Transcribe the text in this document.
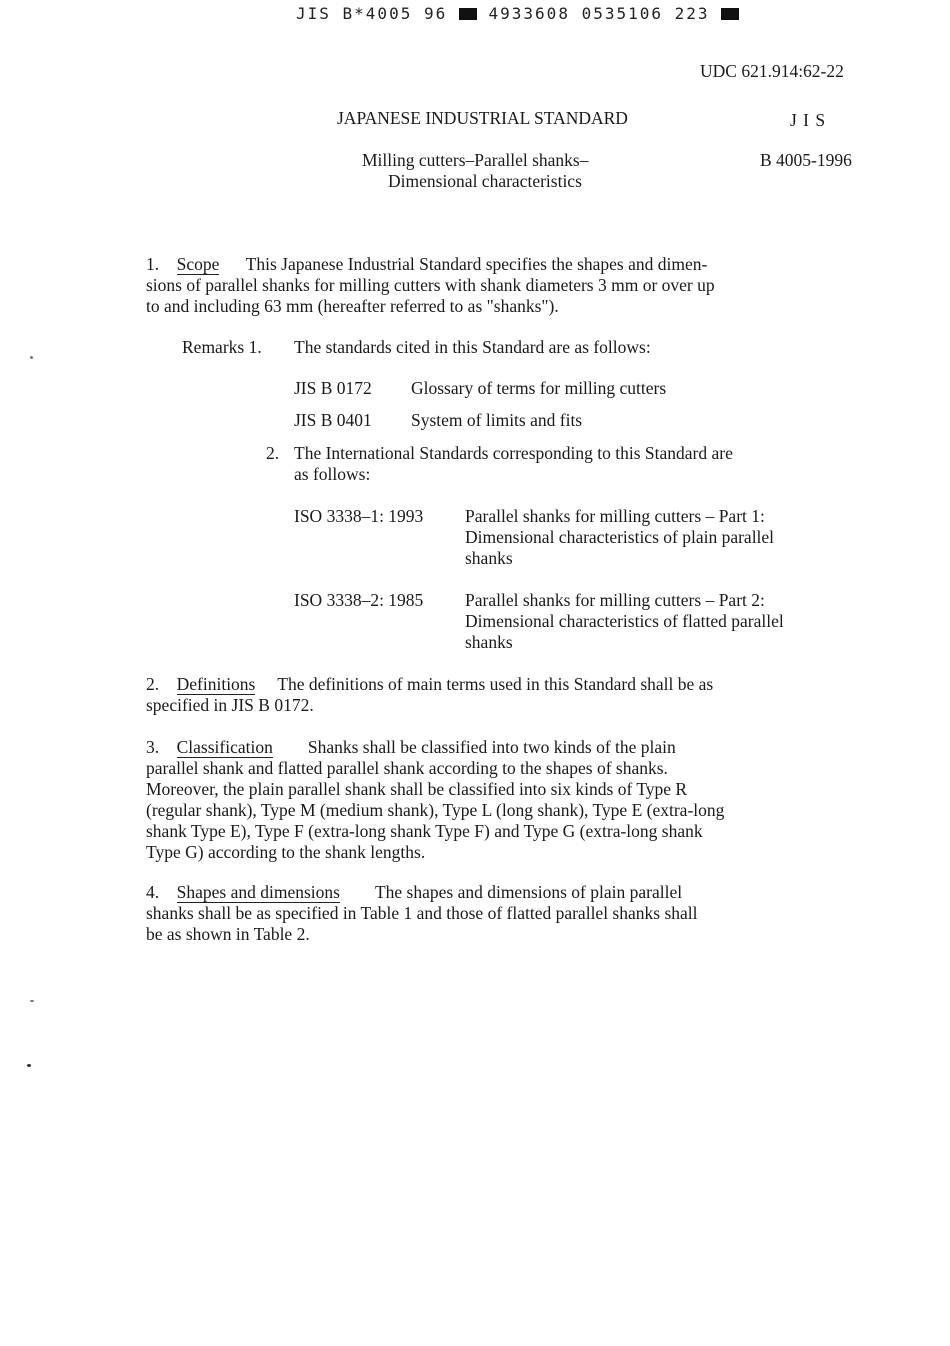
JIS B*4005 96	4933608 0535106 223
UDC 621.914:62-22
JAPANESE INDUSTRIAL STANDARD	J I S
Milling cutters–Parallel shanks–
Dimensional characteristics
B 4005-1996

1. Scope This Japanese Industrial Standard specifies the shapes and dimen-

sions of parallel shanks for milling cutters with shank diameters 3 mm or over up

to and including 63 mm (hereafter referred to as "shanks").

Remarks 1. The standards cited in this Standard are as follows:
JIS B 0172 Glossary of terms for milling cutters
JIS B 0401 System of limits and fits
2. The International Standards corresponding to this Standard are
as follows:
ISO 3338–1: 1993 Parallel shanks for milling cutters – Part 1:
Dimensional characteristics of plain parallel
shanks
ISO 3338–2: 1985 Parallel shanks for milling cutters – Part 2:
Dimensional characteristics of flatted parallel
shanks

2. Definitions The definitions of main terms used in this Standard shall be as

specified in JIS B 0172.

3. Classification Shanks shall be classified into two kinds of the plain

parallel shank and flatted parallel shank according to the shapes of shanks.

Moreover, the plain parallel shank shall be classified into six kinds of Type R

(regular shank), Type M (medium shank), Type L (long shank), Type E (extra-long

shank Type E), Type F (extra-long shank Type F) and Type G (extra-long shank

Type G) according to the shank lengths.

4. Shapes and dimensions The shapes and dimensions of plain parallel

shanks shall be as specified in Table 1 and those of flatted parallel shanks shall

be as shown in Table 2.
